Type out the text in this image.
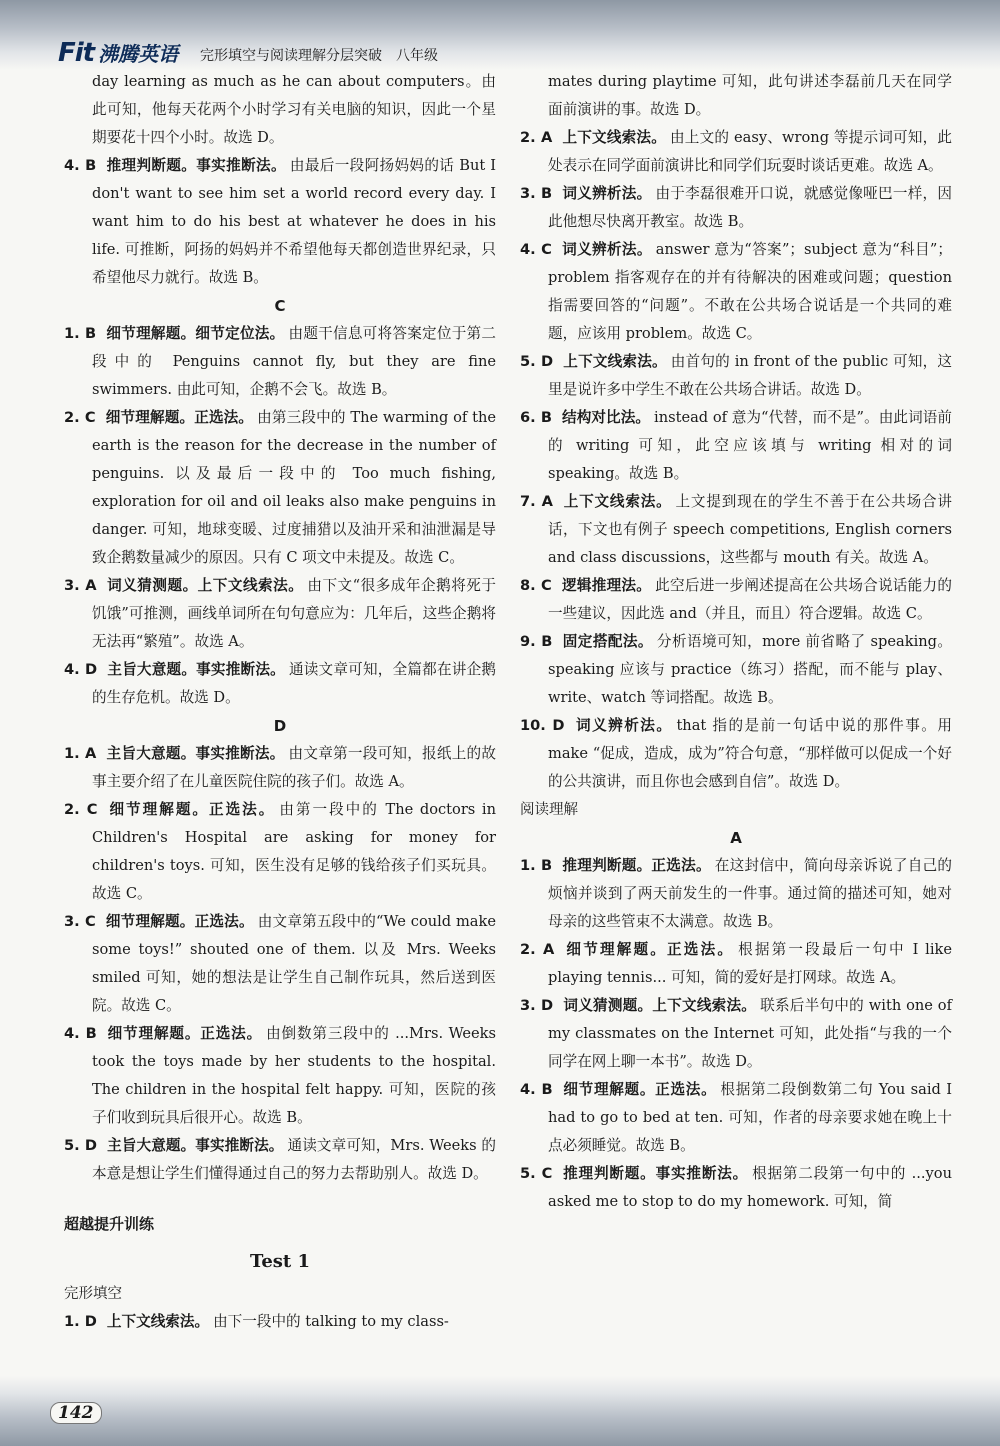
Fit 沸腾英语 完形填空与阅读理解分层突破　八年级

day learning as much as he can about computers。由此可知，他每天花两个小时学习有关电脑的知识，因此一个星期要花十四个小时。故选 D。

4. B 推理判断题。事实推断法。 由最后一段阿扬妈妈的话 But I don't want to see him set a world record every day. I want him to do his best at whatever he does in his life. 可推断，阿扬的妈妈并不希望他每天都创造世界纪录，只希望他尽力就行。故选 B。

C

1. B 细节理解题。细节定位法。 由题干信息可将答案定位于第二段中的 Penguins cannot fly, but they are fine swimmers. 由此可知，企鹅不会飞。故选 B。

2. C 细节理解题。正选法。 由第三段中的 The warming of the earth is the reason for the decrease in the number of penguins. 以及最后一段中的 Too much fishing, exploration for oil and oil leaks also make penguins in danger. 可知，地球变暖、过度捕猎以及油开采和油泄漏是导致企鹅数量减少的原因。只有 C 项文中未提及。故选 C。

3. A 词义猜测题。上下文线索法。 由下文“很多成年企鹅将死于饥饿”可推测，画线单词所在句句意应为：几年后，这些企鹅将无法再“繁殖”。故选 A。

4. D 主旨大意题。事实推断法。 通读文章可知，全篇都在讲企鹅的生存危机。故选 D。

D

1. A 主旨大意题。事实推断法。 由文章第一段可知，报纸上的故事主要介绍了在儿童医院住院的孩子们。故选 A。

2. C 细节理解题。正选法。 由第一段中的 The doctors in Children's Hospital are asking for money for children's toys. 可知，医生没有足够的钱给孩子们买玩具。故选 C。

3. C 细节理解题。正选法。 由文章第五段中的“We could make some toys!” shouted one of them. 以及 Mrs. Weeks smiled 可知，她的想法是让学生自己制作玩具，然后送到医院。故选 C。

4. B 细节理解题。正选法。 由倒数第三段中的 ...Mrs. Weeks took the toys made by her students to the hospital. The children in the hospital felt happy. 可知，医院的孩子们收到玩具后很开心。故选 B。

5. D 主旨大意题。事实推断法。 通读文章可知，Mrs. Weeks 的本意是想让学生们懂得通过自己的努力去帮助别人。故选 D。

超越提升训练

Test 1

完形填空

1. D 上下文线索法。 由下一段中的 talking to my class-

mates during playtime 可知，此句讲述李磊前几天在同学面前演讲的事。故选 D。

2. A 上下文线索法。 由上文的 easy、wrong 等提示词可知，此处表示在同学面前演讲比和同学们玩耍时谈话更难。故选 A。

3. B 词义辨析法。 由于李磊很难开口说，就感觉像哑巴一样，因此他想尽快离开教室。故选 B。

4. C 词义辨析法。 answer 意为“答案”；subject 意为“科目”；problem 指客观存在的并有待解决的困难或问题；question 指需要回答的“问题”。不敢在公共场合说话是一个共同的难题，应该用 problem。故选 C。

5. D 上下文线索法。 由首句的 in front of the public 可知，这里是说许多中学生不敢在公共场合讲话。故选 D。

6. B 结构对比法。 instead of 意为“代替，而不是”。由此词语前的 writing 可知，此空应该填与 writing 相对的词 speaking。故选 B。

7. A 上下文线索法。 上文提到现在的学生不善于在公共场合讲话，下文也有例子 speech competitions, English corners and class discussions，这些都与 mouth 有关。故选 A。

8. C 逻辑推理法。 此空后进一步阐述提高在公共场合说话能力的一些建议，因此选 and（并且，而且）符合逻辑。故选 C。

9. B 固定搭配法。 分析语境可知，more 前省略了 speaking。speaking 应该与 practice（练习）搭配，而不能与 play、write、watch 等词搭配。故选 B。

10. D 词义辨析法。 that 指的是前一句话中说的那件事。用 make “促成，造成，成为”符合句意，“那样做可以促成一个好的公共演讲，而且你也会感到自信”。故选 D。

阅读理解

A

1. B 推理判断题。正选法。 在这封信中，简向母亲诉说了自己的烦恼并谈到了两天前发生的一件事。通过简的描述可知，她对母亲的这些管束不太满意。故选 B。

2. A 细节理解题。正选法。 根据第一段最后一句中 I like playing tennis... 可知，简的爱好是打网球。故选 A。

3. D 词义猜测题。上下文线索法。 联系后半句中的 with one of my classmates on the Internet 可知，此处指“与我的一个同学在网上聊一本书”。故选 D。

4. B 细节理解题。正选法。 根据第二段倒数第二句 You said I had to go to bed at ten. 可知，作者的母亲要求她在晚上十点必须睡觉。故选 B。

5. C 推理判断题。事实推断法。 根据第二段第一句中的 ...you asked me to stop to do my homework. 可知，简

142
